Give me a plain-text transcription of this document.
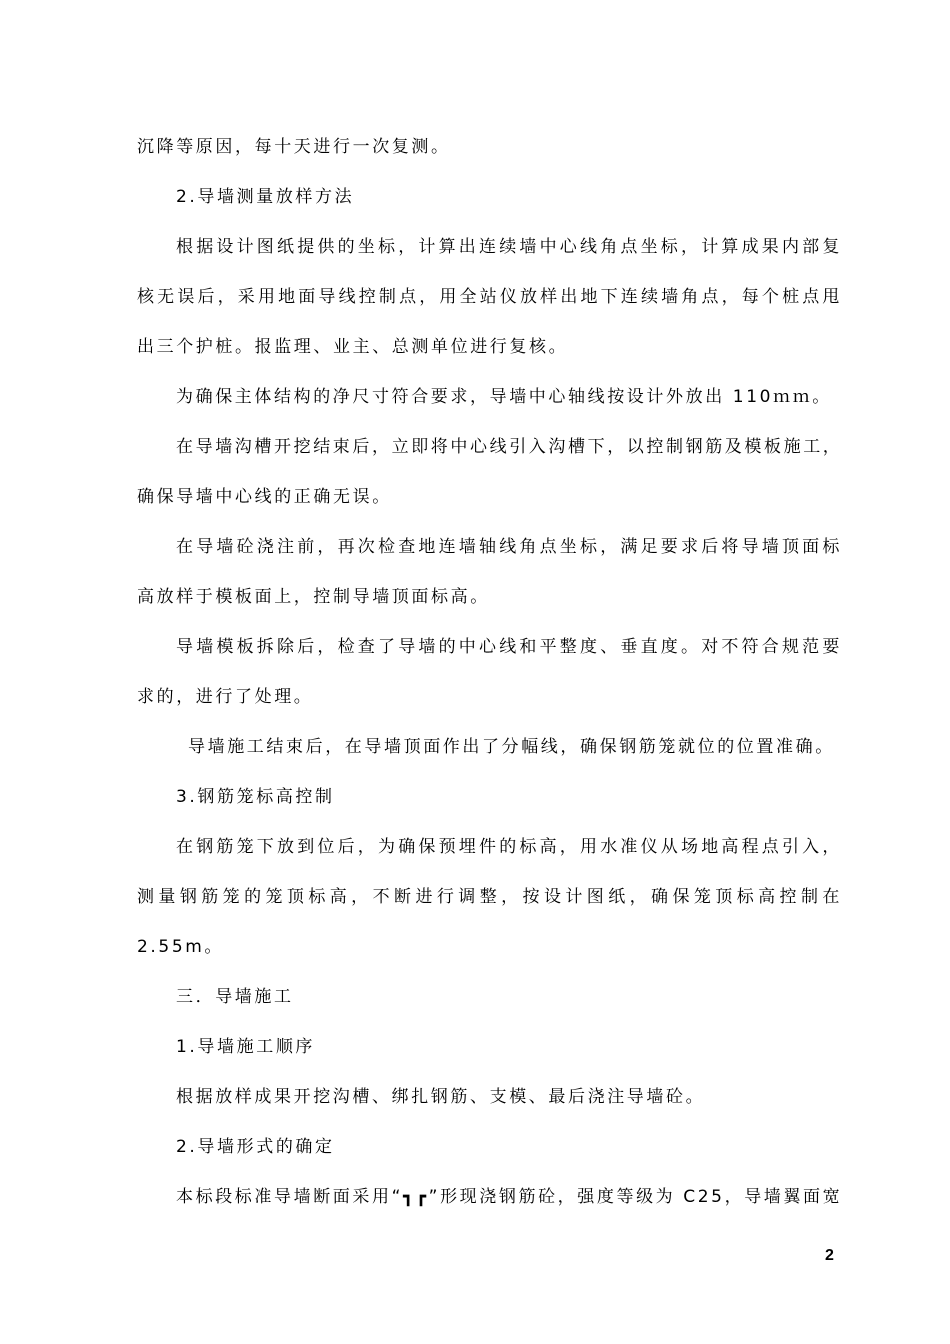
沉降等原因，每十天进行一次复测。
2.导墙测量放样方法
根据设计图纸提供的坐标，计算出连续墙中心线角点坐标，计算成果内部复
核无误后，采用地面导线控制点，用全站仪放样出地下连续墙角点，每个桩点甩
出三个护桩。报监理、业主、总测单位进行复核。
为确保主体结构的净尺寸符合要求，导墙中心轴线按设计外放出 110ｍｍ。
在导墙沟槽开挖结束后，立即将中心线引入沟槽下，以控制钢筋及模板施工，
确保导墙中心线的正确无误。
在导墙砼浇注前，再次检查地连墙轴线角点坐标，满足要求后将导墙顶面标
高放样于模板面上，控制导墙顶面标高。
导墙模板拆除后，检查了导墙的中心线和平整度、垂直度。对不符合规范要
求的，进行了处理。
导墙施工结束后，在导墙顶面作出了分幅线，确保钢筋笼就位的位置准确。
3.钢筋笼标高控制
在钢筋笼下放到位后，为确保预埋件的标高，用水准仪从场地高程点引入，
测量钢筋笼的笼顶标高，不断进行调整，按设计图纸，确保笼顶标高控制在
2.55m。
三．导墙施工
1.导墙施工顺序
根据放样成果开挖沟槽、绑扎钢筋、支模、最后浇注导墙砼。
2.导墙形式的确定
本标段标准导墙断面采用“┓┏”形现浇钢筋砼，强度等级为 C25，导墙翼面宽
2
